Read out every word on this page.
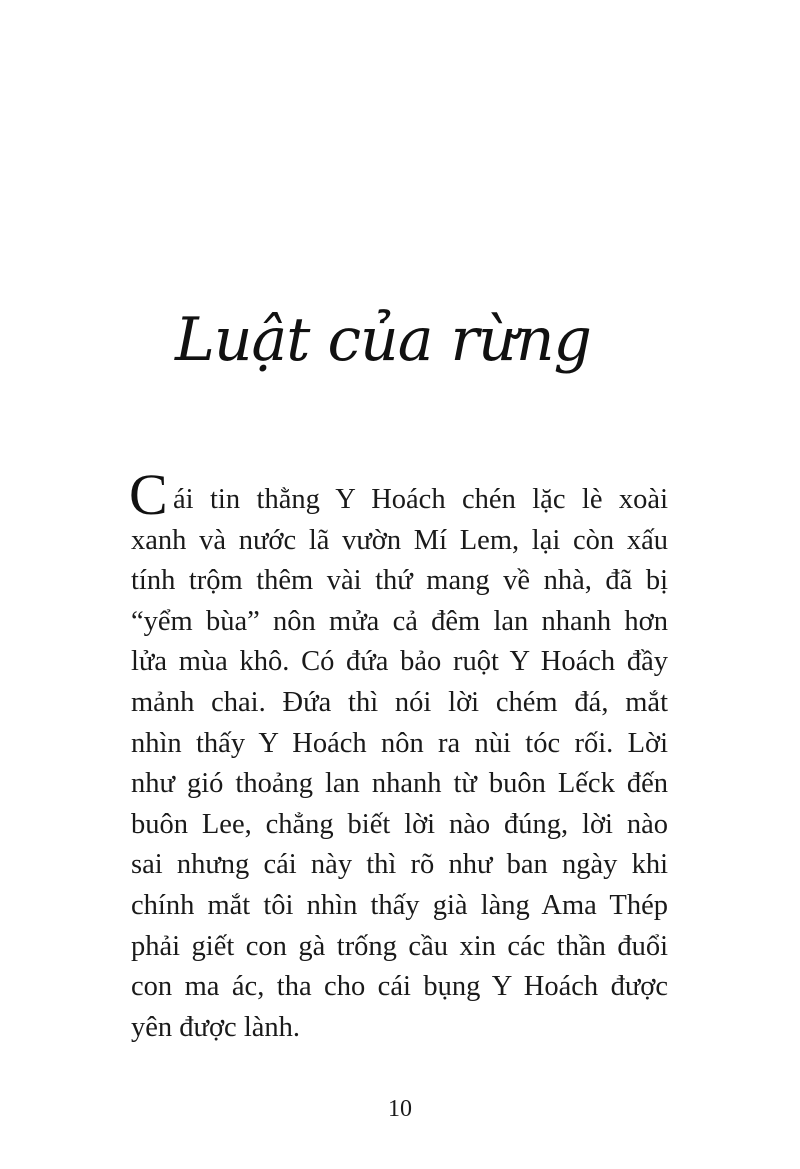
Luật của rừng
C ái tin thằng Y Hoách chén lặc lè xoài
xanh và nước lã vườn Mí Lem, lại còn xấu
tính trộm thêm vài thứ mang về nhà, đã bị
“yểm bùa” nôn mửa cả đêm lan nhanh hơn
lửa mùa khô. Có đứa bảo ruột Y Hoách đầy
mảnh chai. Đứa thì nói lời chém đá, mắt
nhìn thấy Y Hoách nôn ra nùi tóc rối. Lời
như gió thoảng lan nhanh từ buôn Lếck đến
buôn Lee, chẳng biết lời nào đúng, lời nào
sai nhưng cái này thì rõ như ban ngày khi
chính mắt tôi nhìn thấy già làng Ama Thép
phải giết con gà trống cầu xin các thần đuổi
con ma ác, tha cho cái bụng Y Hoách được
yên được lành.
10
